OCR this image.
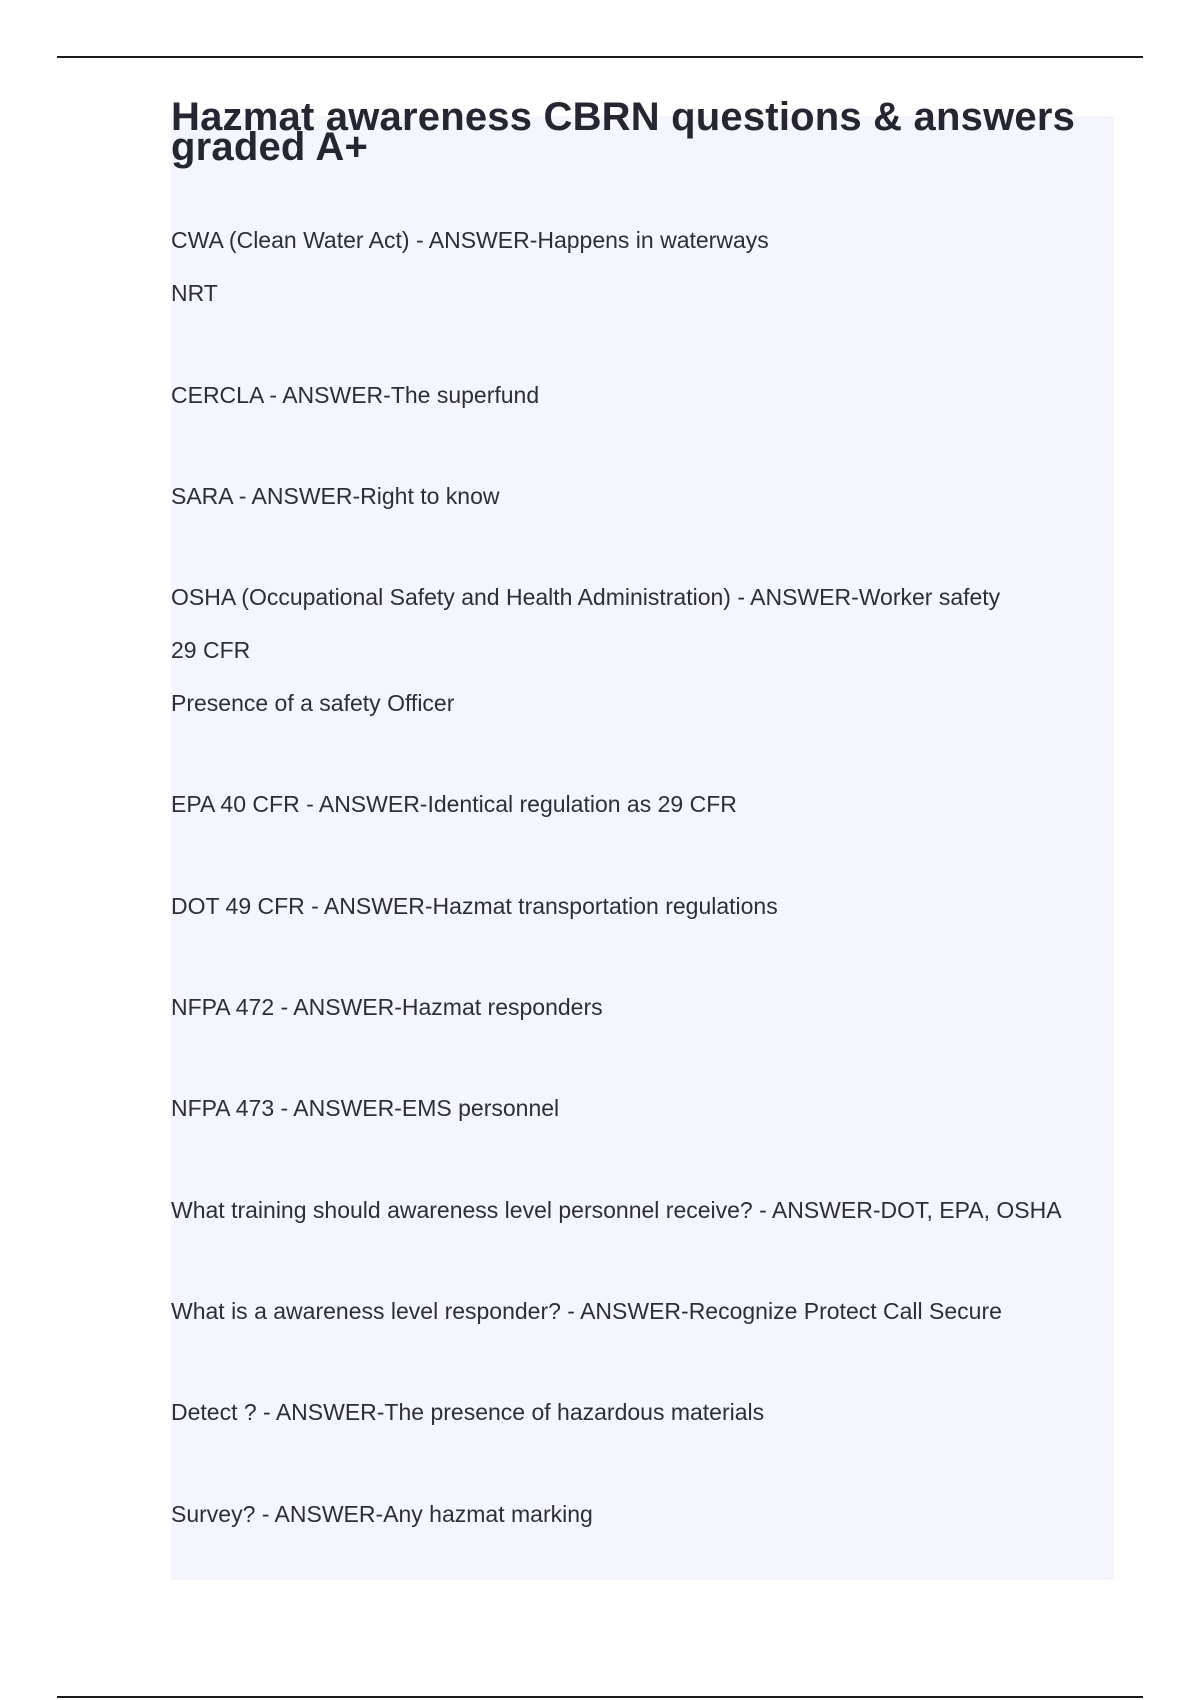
Hazmat awareness CBRN questions & answers graded A+
CWA (Clean Water Act) - ANSWER-Happens in waterways
NRT
CERCLA - ANSWER-The superfund
SARA - ANSWER-Right to know
OSHA (Occupational Safety and Health Administration) - ANSWER-Worker safety
29 CFR
Presence of a safety Officer
EPA 40 CFR - ANSWER-Identical regulation as 29 CFR
DOT 49 CFR - ANSWER-Hazmat transportation regulations
NFPA 472 - ANSWER-Hazmat responders
NFPA 473 - ANSWER-EMS personnel
What training should awareness level personnel receive? - ANSWER-DOT, EPA, OSHA
What is a awareness level responder? - ANSWER-Recognize Protect Call Secure
Detect ? - ANSWER-The presence of hazardous materials
Survey? - ANSWER-Any hazmat marking
